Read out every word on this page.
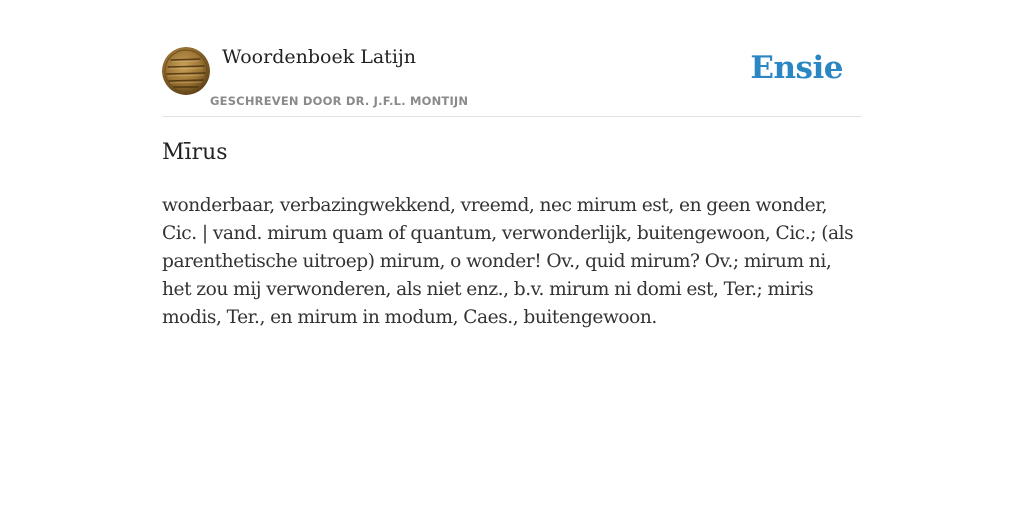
Woordenboek Latijn
GESCHREVEN DOOR DR. J.F.L. MONTIJN
Ensie
Mīrus

wonderbaar, verbazingwekkend, vreemd, nec mirum est, en geen wonder, Cic. | vand. mirum quam of quantum, verwonderlijk, buitengewoon, Cic.; (als parenthetische uitroep) mirum, o wonder! Ov., quid mirum? Ov.; mirum ni, het zou mij verwonderen, als niet enz., b.v. mirum ni domi est, Ter.; miris modis, Ter., en mirum in modum, Caes., buitengewoon.
